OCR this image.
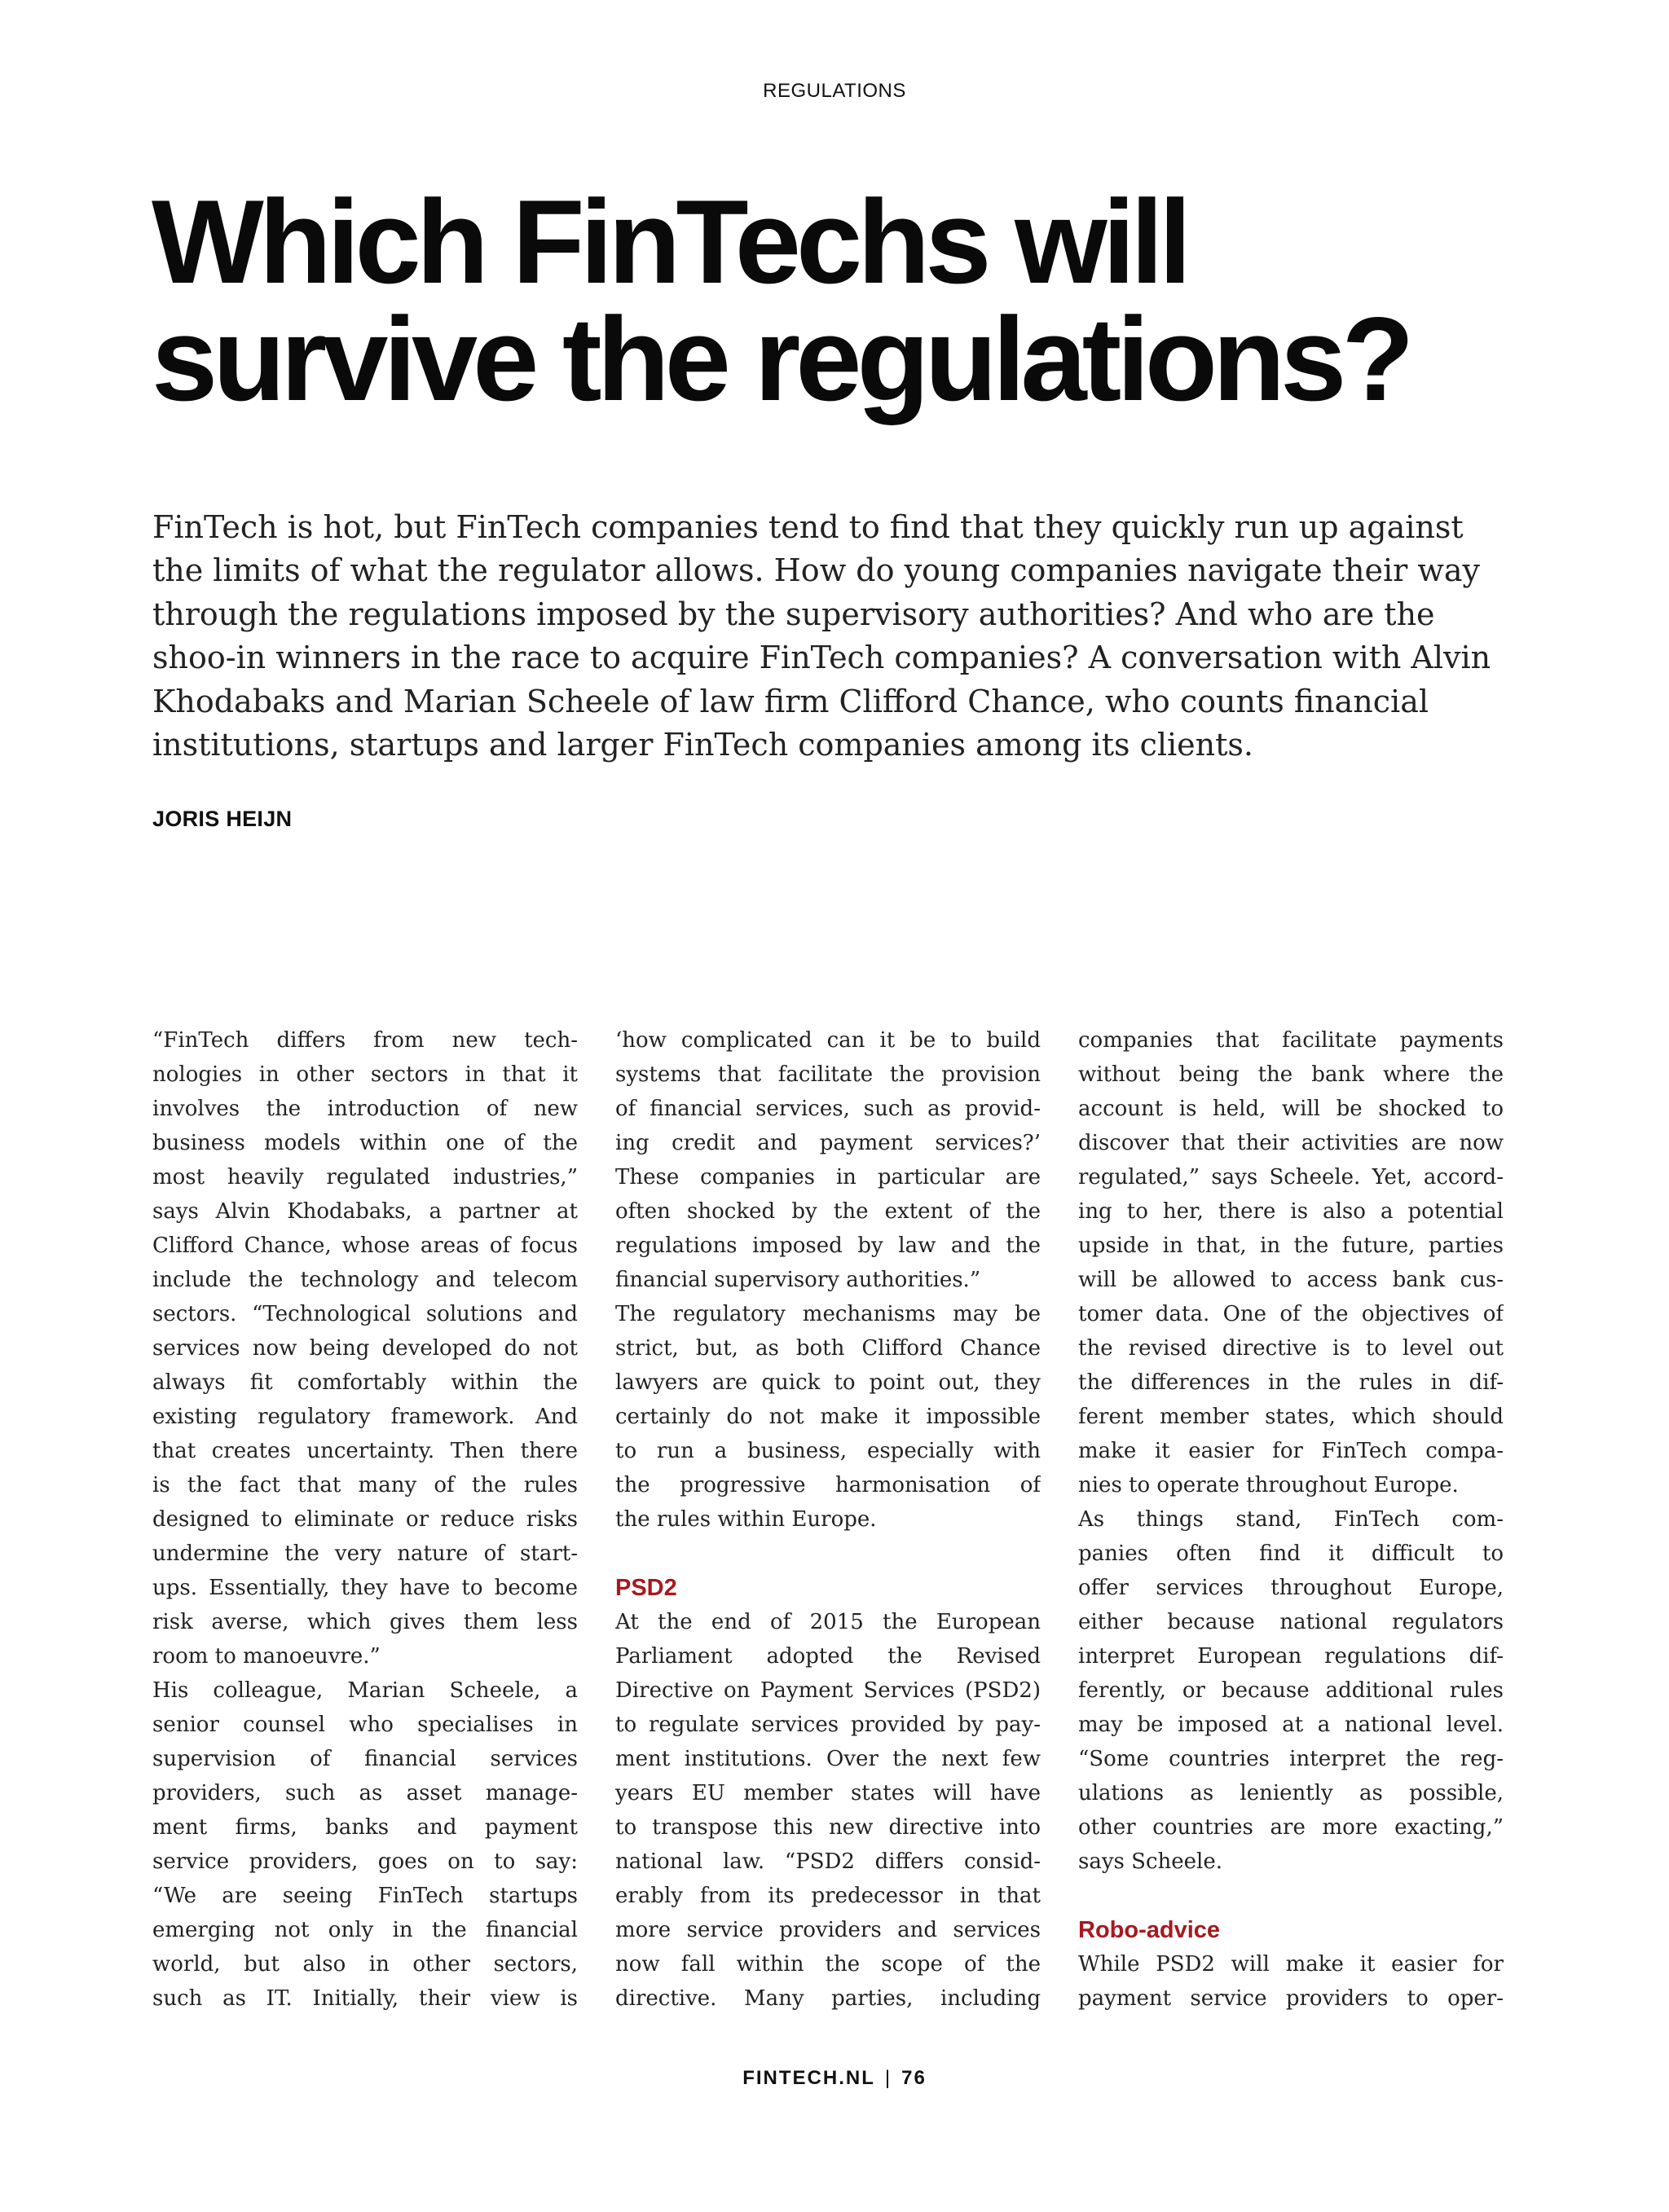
REGULATIONS
Which FinTechs will
survive the regulations?

FinTech is hot, but FinTech companies tend to find that they quickly run up against
the limits of what the regulator allows. How do young companies navigate their way
through the regulations imposed by the supervisory authorities? And who are the
shoo-in winners in the race to acquire FinTech companies? A conversation with Alvin
Khodabaks and Marian Scheele of law firm Clifford Chance, who counts financial
institutions, startups and larger FinTech companies among its clients.

JORIS HEIJN
“FinTech differs from new tech-
nologies in other sectors in that it
involves the introduction of new
business models within one of the
most heavily regulated industries,”
says Alvin Khodabaks, a partner at
Clifford Chance, whose areas of focus
include the technology and telecom
sectors. “Technological solutions and
services now being developed do not
always fit comfortably within the
existing regulatory framework. And
that creates uncertainty. Then there
is the fact that many of the rules
designed to eliminate or reduce risks
undermine the very nature of start-
ups. Essentially, they have to become
risk averse, which gives them less
room to manoeuvre.”
His colleague, Marian Scheele, a
senior counsel who specialises in
supervision of financial services
providers, such as asset manage-
ment firms, banks and payment
service providers, goes on to say:
“We are seeing FinTech startups
emerging not only in the financial
world, but also in other sectors,
such as IT. Initially, their view is
‘how complicated can it be to build
systems that facilitate the provision
of financial services, such as provid-
ing credit and payment services?’
These companies in particular are
often shocked by the extent of the
regulations imposed by law and the
financial supervisory authorities.”
The regulatory mechanisms may be
strict, but, as both Clifford Chance
lawyers are quick to point out, they
certainly do not make it impossible
to run a business, especially with
the progressive harmonisation of
the rules within Europe.
PSD2
At the end of 2015 the European
Parliament adopted the Revised
Directive on Payment Services (PSD2)
to regulate services provided by pay-
ment institutions. Over the next few
years EU member states will have
to transpose this new directive into
national law. “PSD2 differs consid-
erably from its predecessor in that
more service providers and services
now fall within the scope of the
directive. Many parties, including
companies that facilitate payments
without being the bank where the
account is held, will be shocked to
discover that their activities are now
regulated,” says Scheele. Yet, accord-
ing to her, there is also a potential
upside in that, in the future, parties
will be allowed to access bank cus-
tomer data. One of the objectives of
the revised directive is to level out
the differences in the rules in dif-
ferent member states, which should
make it easier for FinTech compa-
nies to operate throughout Europe.
As things stand, FinTech com-
panies often find it difficult to
offer services throughout Europe,
either because national regulators
interpret European regulations dif-
ferently, or because additional rules
may be imposed at a national level.
“Some countries interpret the reg-
ulations as leniently as possible,
other countries are more exacting,”
says Scheele.
Robo-advice
While PSD2 will make it easier for
payment service providers to oper-
FINTECH.NL | 76
